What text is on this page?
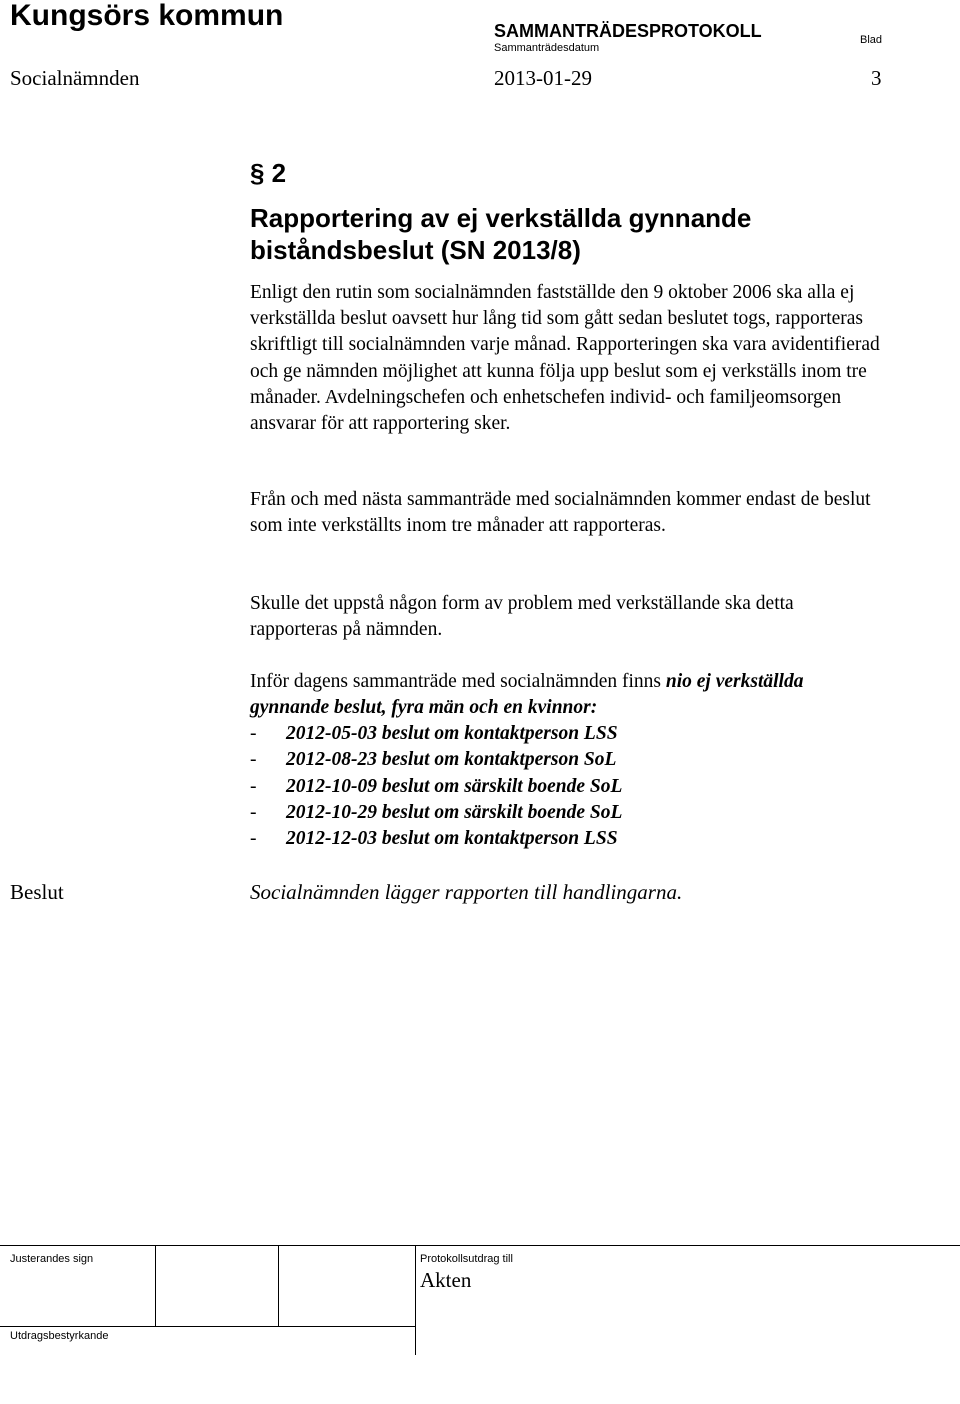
Kungsörs kommun	SAMMANTRÄDESPROTOKOLL
Sammanträdesdatum
Blad
Socialnämnden	2013-01-29	3
§ 2
Rapportering av ej verkställda gynnande biståndsbeslut (SN 2013/8)
Enligt den rutin som socialnämnden fastställde den 9 oktober 2006 ska alla ej verkställda beslut oavsett hur lång tid som gått sedan beslutet togs, rapporteras skriftligt till socialnämnden varje månad. Rapporteringen ska vara avidentifierad och ge nämnden möjlighet att kunna följa upp beslut som ej verkställs inom tre månader. Avdelningschefen och enhetschefen individ- och familjeomsorgen ansvarar för att rapportering sker.
Från och med nästa sammanträde med socialnämnden kommer endast de beslut som inte verkställts inom tre månader att rapporteras.
Skulle det uppstå någon form av problem med verkställande ska detta rapporteras på nämnden.
Inför dagens sammanträde med socialnämnden finns nio ej verkställda gynnande beslut, fyra män och en kvinnor:
- 2012-05-03 beslut om kontaktperson LSS
- 2012-08-23 beslut om kontaktperson SoL
- 2012-10-09 beslut om särskilt boende SoL
- 2012-10-29 beslut om särskilt boende SoL
- 2012-12-03 beslut om kontaktperson LSS
Beslut	Socialnämnden lägger rapporten till handlingarna.
Justerandes sign	Protokollsutdrag till
Akten
Utdragsbestyrkande
